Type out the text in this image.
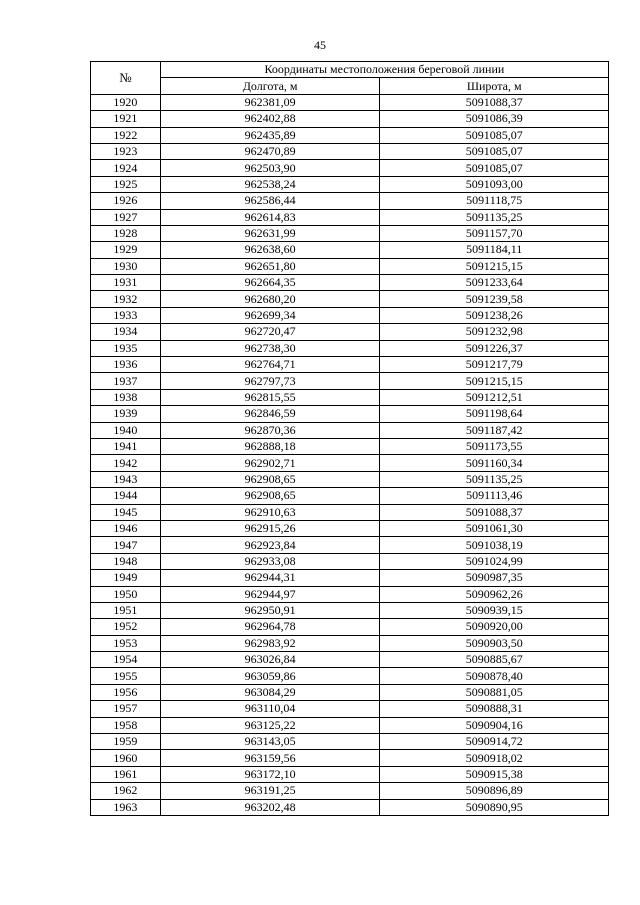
45
№	Координаты местоположения береговой линии	
	Долгота, м	Широта, м
1920	962381,09	5091088,37
1921	962402,88	5091086,39
1922	962435,89	5091085,07
1923	962470,89	5091085,07
1924	962503,90	5091085,07
1925	962538,24	5091093,00
1926	962586,44	5091118,75
1927	962614,83	5091135,25
1928	962631,99	5091157,70
1929	962638,60	5091184,11
1930	962651,80	5091215,15
1931	962664,35	5091233,64
1932	962680,20	5091239,58
1933	962699,34	5091238,26
1934	962720,47	5091232,98
1935	962738,30	5091226,37
1936	962764,71	5091217,79
1937	962797,73	5091215,15
1938	962815,55	5091212,51
1939	962846,59	5091198,64
1940	962870,36	5091187,42
1941	962888,18	5091173,55
1942	962902,71	5091160,34
1943	962908,65	5091135,25
1944	962908,65	5091113,46
1945	962910,63	5091088,37
1946	962915,26	5091061,30
1947	962923,84	5091038,19
1948	962933,08	5091024,99
1949	962944,31	5090987,35
1950	962944,97	5090962,26
1951	962950,91	5090939,15
1952	962964,78	5090920,00
1953	962983,92	5090903,50
1954	963026,84	5090885,67
1955	963059,86	5090878,40
1956	963084,29	5090881,05
1957	963110,04	5090888,31
1958	963125,22	5090904,16
1959	963143,05	5090914,72
1960	963159,56	5090918,02
1961	963172,10	5090915,38
1962	963191,25	5090896,89
1963	963202,48	5090890,95
